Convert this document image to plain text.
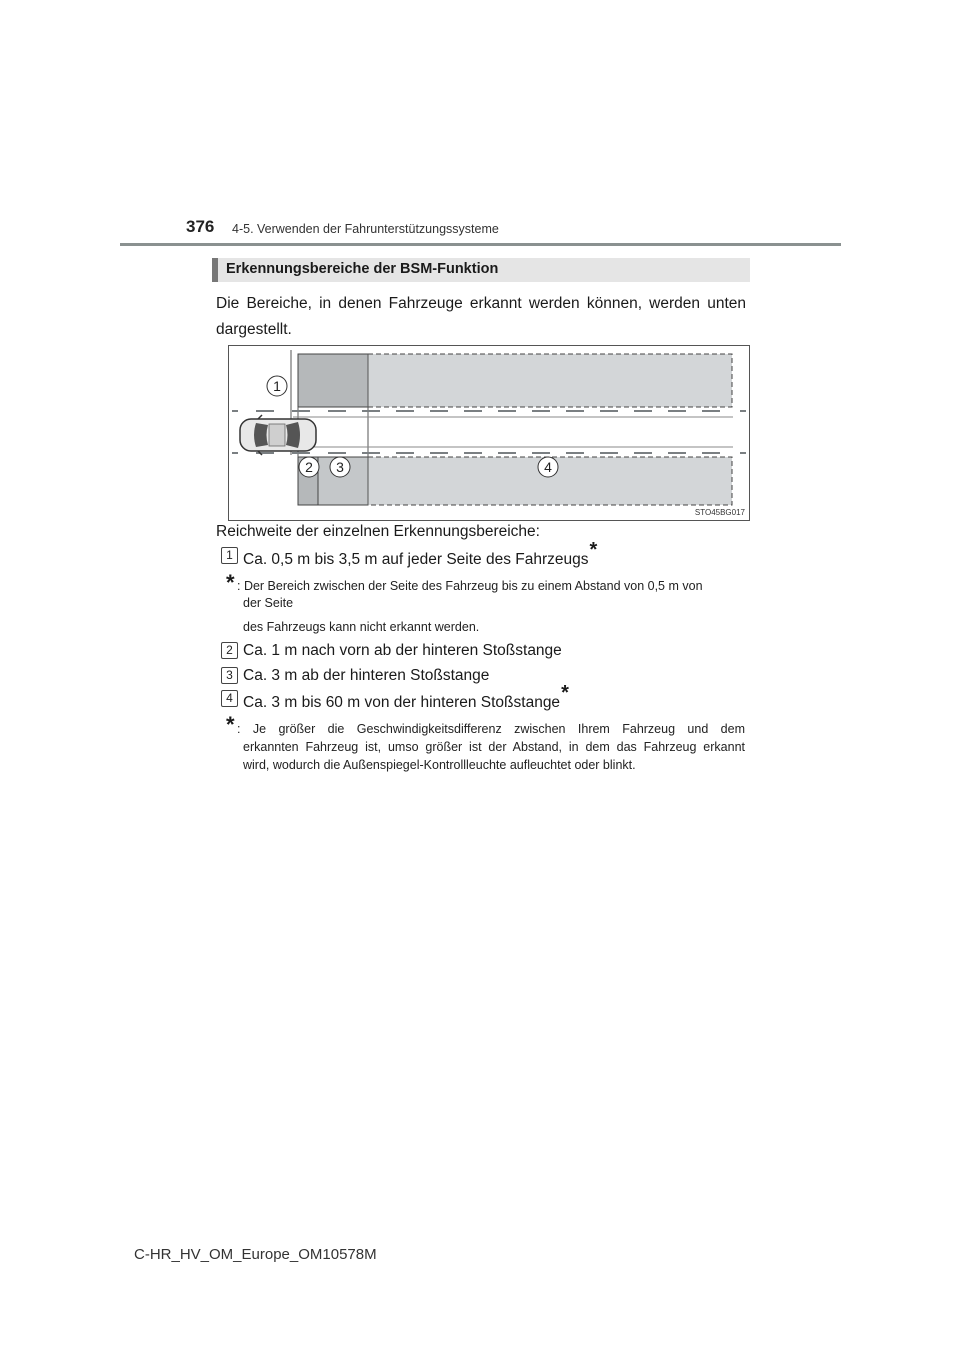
376 4-5. Verwenden der Fahrunterstützungssysteme
Erkennungsbereiche der BSM-Funktion
Die Bereiche, in denen Fahrzeuge erkannt werden können, werden unten dargestellt.
1
2 3	4
STO45BG017
Reichweite der einzelnen Erkennungsbereiche:
1 Ca. 0,5 m bis 3,5 m auf jeder Seite des Fahrzeugs*
* : Der Bereich zwischen der Seite des Fahrzeug bis zu einem Abstand von 0,5 m von
der Seite
des Fahrzeugs kann nicht erkannt werden.
2 Ca. 1 m nach vorn ab der hinteren Stoßstange
3 Ca. 3 m ab der hinteren Stoßstange
4 Ca. 3 m bis 60 m von der hinteren Stoßstange*
* : Je größer die Geschwindigkeitsdifferenz zwischen Ihrem Fahrzeug und dem
erkannten Fahrzeug ist, umso größer ist der Abstand, in dem das Fahrzeug erkannt
wird, wodurch die Außenspiegel-Kontrollleuchte aufleuchtet oder blinkt.
C-HR_HV_OM_Europe_OM10578M
